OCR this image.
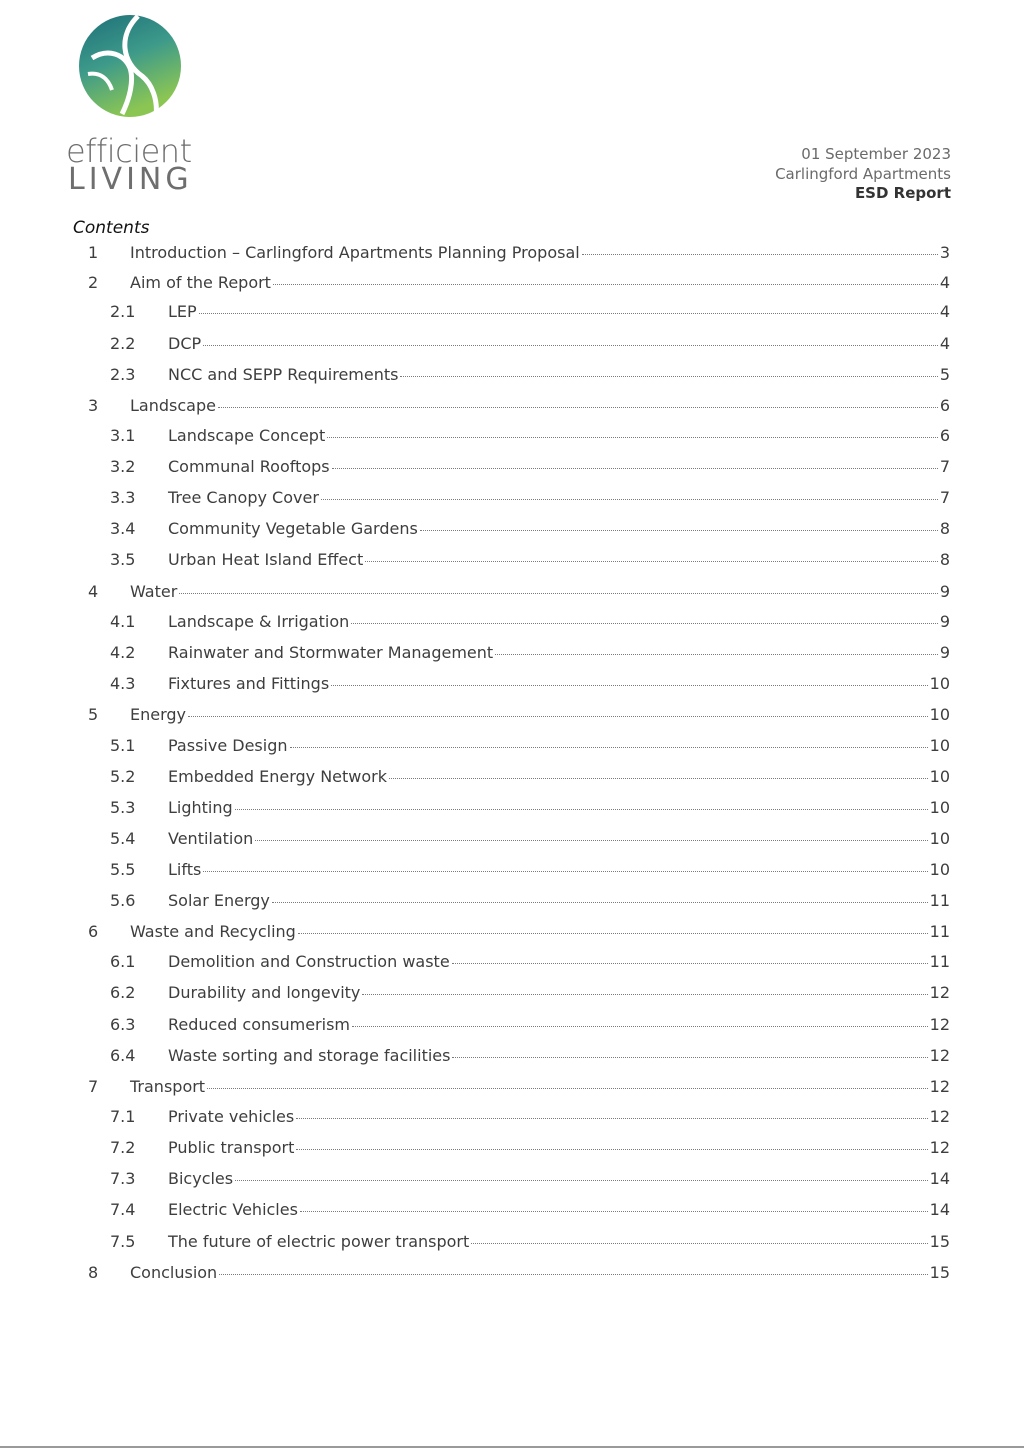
efficient
LIVING
01 September 2023
Carlingford Apartments
ESD Report
Contents
1	Introduction – Carlingford Apartments Planning Proposal	3
2	Aim of the Report	4
2.1	LEP	4
2.2	DCP	4
2.3	NCC and SEPP Requirements	5
3	Landscape	6
3.1	Landscape Concept	6
3.2	Communal Rooftops	7
3.3	Tree Canopy Cover	7
3.4	Community Vegetable Gardens	8
3.5	Urban Heat Island Effect	8
4	Water	9
4.1	Landscape & Irrigation	9
4.2	Rainwater and Stormwater Management	9
4.3	Fixtures and Fittings	10
5	Energy	10
5.1	Passive Design	10
5.2	Embedded Energy Network	10
5.3	Lighting	10
5.4	Ventilation	10
5.5	Lifts	10
5.6	Solar Energy	11
6	Waste and Recycling	11
6.1	Demolition and Construction waste	11
6.2	Durability and longevity	12
6.3	Reduced consumerism	12
6.4	Waste sorting and storage facilities	12
7	Transport	12
7.1	Private vehicles	12
7.2	Public transport	12
7.3	Bicycles	14
7.4	Electric Vehicles	14
7.5	The future of electric power transport	15
8	Conclusion	15
